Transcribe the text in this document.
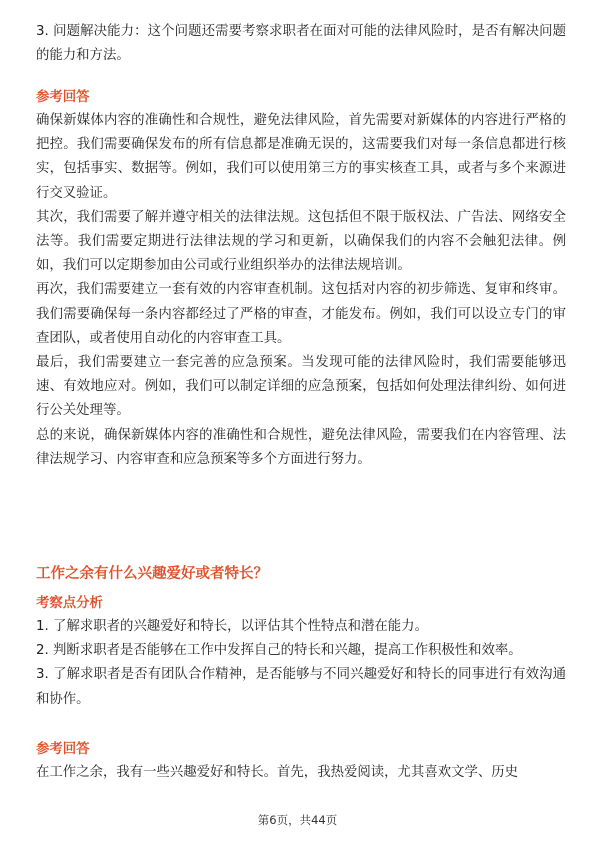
3. 问题解决能力：这个问题还需要考察求职者在面对可能的法律风险时，是否有解决问题的能力和方法。

参考回答

确保新媒体内容的准确性和合规性，避免法律风险，首先需要对新媒体的内容进行严格的把控。我们需要确保发布的所有信息都是准确无误的，这需要我们对每一条信息都进行核实，包括事实、数据等。例如，我们可以使用第三方的事实核查工具，或者与多个来源进行交叉验证。

其次，我们需要了解并遵守相关的法律法规。这包括但不限于版权法、广告法、网络安全法等。我们需要定期进行法律法规的学习和更新，以确保我们的内容不会触犯法律。例如，我们可以定期参加由公司或行业组织举办的法律法规培训。

再次，我们需要建立一套有效的内容审查机制。这包括对内容的初步筛选、复审和终审。我们需要确保每一条内容都经过了严格的审查，才能发布。例如，我们可以设立专门的审查团队，或者使用自动化的内容审查工具。

最后，我们需要建立一套完善的应急预案。当发现可能的法律风险时，我们需要能够迅速、有效地应对。例如，我们可以制定详细的应急预案，包括如何处理法律纠纷、如何进行公关处理等。

总的来说，确保新媒体内容的准确性和合规性，避免法律风险，需要我们在内容管理、法律法规学习、内容审查和应急预案等多个方面进行努力。

工作之余有什么兴趣爱好或者特长？

考察点分析

1. 了解求职者的兴趣爱好和特长，以评估其个性特点和潜在能力。

2. 判断求职者是否能够在工作中发挥自己的特长和兴趣，提高工作积极性和效率。

3. 了解求职者是否有团队合作精神，是否能够与不同兴趣爱好和特长的同事进行有效沟通和协作。

参考回答

在工作之余，我有一些兴趣爱好和特长。首先，我热爱阅读，尤其喜欢文学、历史

第6页，共44页
